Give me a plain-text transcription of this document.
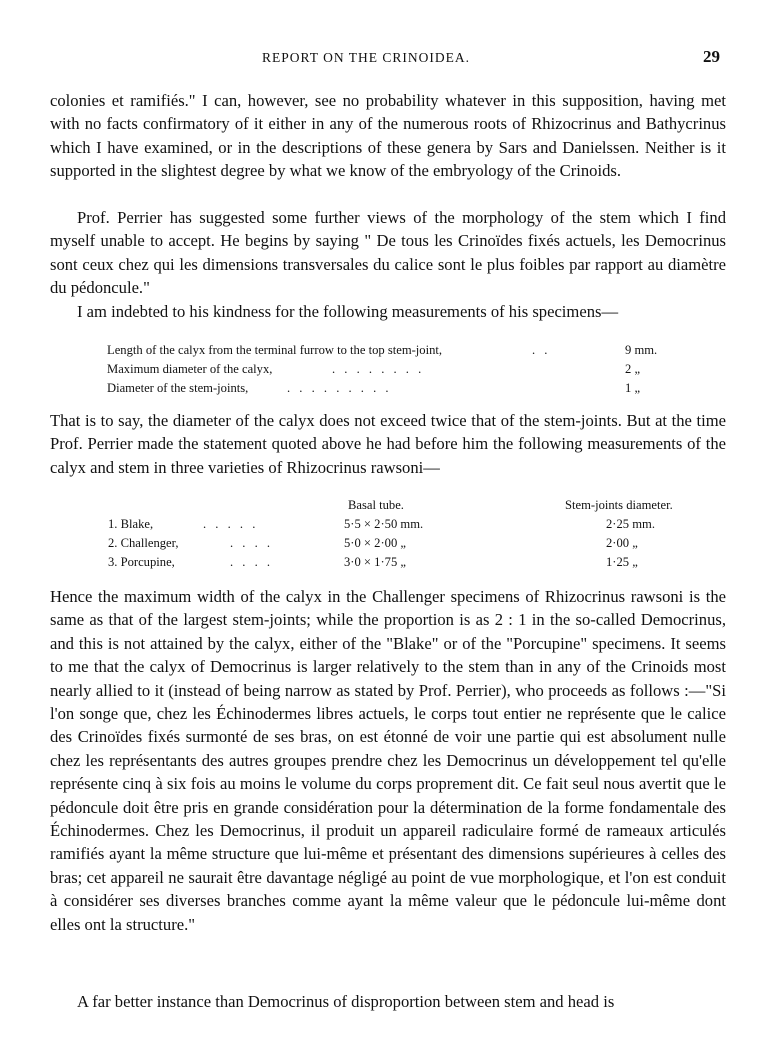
REPORT ON THE CRINOIDEA.	29

colonies et ramifiés." I can, however, see no probability whatever in this supposition, having met with no facts confirmatory of it either in any of the numerous roots of Rhizocrinus and Bathycrinus which I have examined, or in the descriptions of these genera by Sars and Danielssen. Neither is it supported in the slightest degree by what we know of the embryology of the Crinoids.

Prof. Perrier has suggested some further views of the morphology of the stem which I find myself unable to accept. He begins by saying " De tous les Crinoïdes fixés actuels, les Democrinus sont ceux chez qui les dimensions transversales du calice sont le plus foibles par rapport au diamètre du pédoncule."

I am indebted to his kindness for the following measurements of his specimens—

Length of the calyx from the terminal furrow to the top stem-joint,	. .	9 mm.
Maximum diameter of the calyx,	. . . . . . . .	2 „
Diameter of the stem-joints,	. . . . . . . . .	1 „

That is to say, the diameter of the calyx does not exceed twice that of the stem-joints. But at the time Prof. Perrier made the statement quoted above he had before him the following measurements of the calyx and stem in three varieties of Rhizocrinus rawsoni—

Basal tube.	Stem-joints diameter.
1. Blake,	. . . . .	5·5 × 2·50 mm.	2·25 mm.
2. Challenger,	. . . .	5·0 × 2·00 „	2·00 „
3. Porcupine,	. . . .	3·0 × 1·75 „	1·25 „

Hence the maximum width of the calyx in the Challenger specimens of Rhizocrinus rawsoni is the same as that of the largest stem-joints; while the proportion is as 2 : 1 in the so-called Democrinus, and this is not attained by the calyx, either of the "Blake" or of the "Porcupine" specimens. It seems to me that the calyx of Democrinus is larger relatively to the stem than in any of the Crinoids most nearly allied to it (instead of being narrow as stated by Prof. Perrier), who proceeds as follows :—"Si l'on songe que, chez les Échinodermes libres actuels, le corps tout entier ne représente que le calice des Crinoïdes fixés surmonté de ses bras, on est étonné de voir une partie qui est absolument nulle chez les représentants des autres groupes prendre chez les Democrinus un développement tel qu'elle représente cinq à six fois au moins le volume du corps proprement dit. Ce fait seul nous avertit que le pédoncule doit être pris en grande considération pour la détermination de la forme fondamentale des Échinodermes. Chez les Democrinus, il produit un appareil radiculaire formé de rameaux articulés ramifiés ayant la même structure que lui-même et présentant des dimensions supérieures à celles des bras; cet appareil ne saurait être davantage négligé au point de vue morphologique, et l'on est conduit à considérer ses diverses branches comme ayant la même valeur que le pédoncule lui-même dont elles ont la structure."

A far better instance than Democrinus of disproportion between stem and head is
